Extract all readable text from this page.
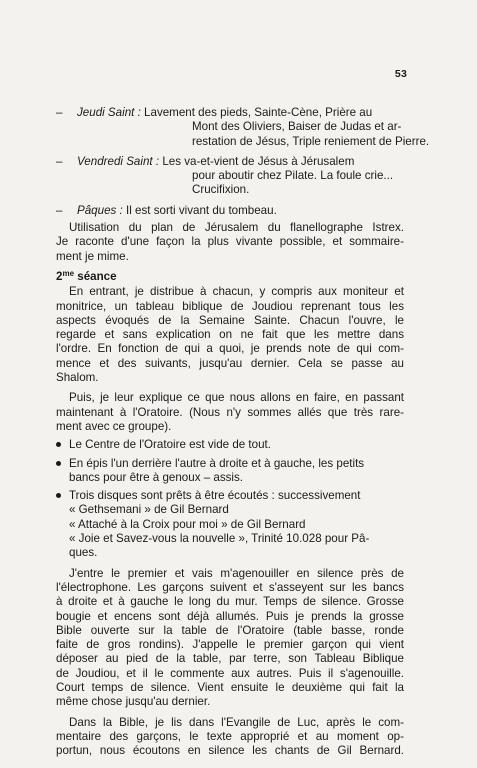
53

– Jeudi Saint : Lavement des pieds, Sainte-Cène, Prière au

Mont des Oliviers, Baiser de Judas et ar-

restation de Jésus, Triple reniement de Pierre.

– Vendredi Saint : Les va-et-vient de Jésus à Jérusalem

pour aboutir chez Pilate. La foule crie...

Crucifixion.

– Pâques : Il est sorti vivant du tombeau.

Utilisation du plan de Jérusalem du flanellographe Istrex.
Je raconte d'une façon la plus vivante possible, et sommaire-
ment je mime.
$2^{me}$ séance
En entrant, je distribue à chacun, y compris aux moniteur et
monitrice, un tableau biblique de Joudiou reprenant tous les
aspects évoqués de la Semaine Sainte. Chacun l'ouvre, le
regarde et sans explication on ne fait que les mettre dans
l'ordre. En fonction de qui a quoi, je prends note de qui com-
mence et des suivants, jusqu'au dernier. Cela se passe au
Shalom.
Puis, je leur explique ce que nous allons en faire, en passant
maintenant à l'Oratoire. (Nous n'y sommes allés que très rare-
ment avec ce groupe).

Le Centre de l'Oratoire est vide de tout.

En épis l'un derrière l'autre à droite et à gauche, les petits

bancs pour être à genoux – assis.

Trois disques sont prêts à être écoutés : successivement

« Gethsemani » de Gil Bernard

« Attaché à la Croix pour moi » de Gil Bernard

« Joie et Savez-vous la nouvelle », Trinité 10.028 pour Pâ-

ques.

J'entre le premier et vais m'agenouiller en silence près de
l'électrophone. Les garçons suivent et s'asseyent sur les bancs
à droite et à gauche le long du mur. Temps de silence. Grosse
bougie et encens sont déjà allumés. Puis je prends la grosse
Bible ouverte sur la table de l'Oratoire (table basse, ronde
faite de gros rondins). J'appelle le premier garçon qui vient
déposer au pied de la table, par terre, son Tableau Biblique
de Joudiou, et il le commente aux autres. Puis il s'agenouille.
Court temps de silence. Vient ensuite le deuxième qui fait la
même chose jusqu'au dernier.
Dans la Bible, je lis dans l'Evangile de Luc, après le com-
mentaire des garçons, le texte approprié et au moment op-
portun, nous écoutons en silence les chants de Gil Bernard.
